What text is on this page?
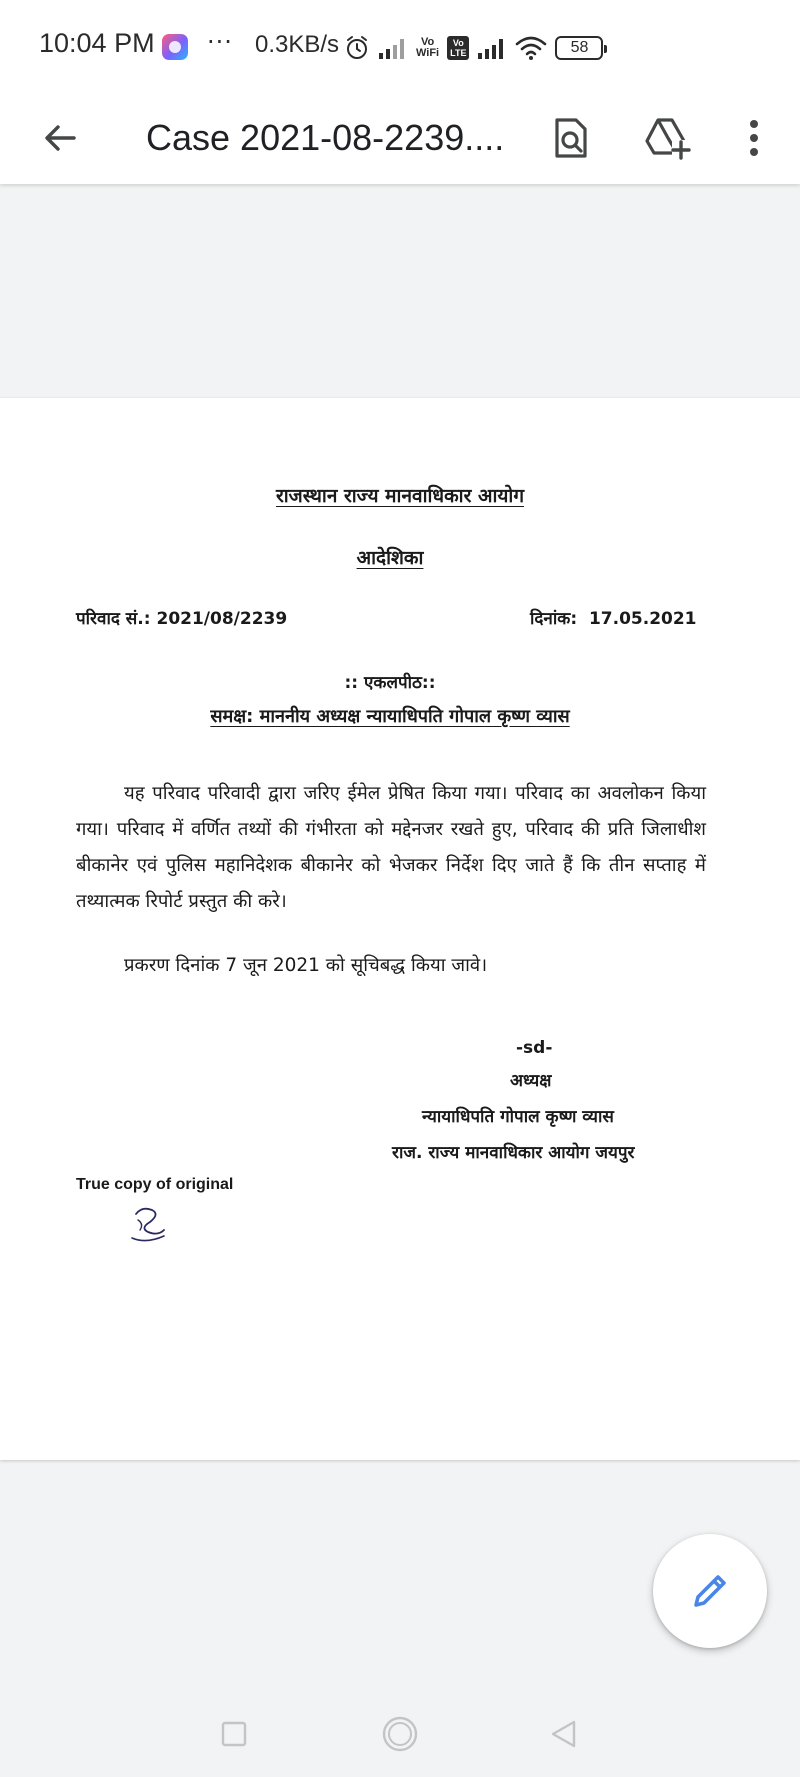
10:04 PM ··· 0.3KB/s	Vo
WiFi
Vo
LTE	58
Case 2021-08-2239....
राजस्थान राज्य मानवाधिकार आयोग
आदेशिका
परिवाद सं.: 2021/08/2239	दिनांक: 17.05.2021
:: एकलपीठ::
समक्ष: माननीय अध्यक्ष न्यायाधिपति गोपाल कृष्ण व्यास
यह परिवाद परिवादी द्वारा जरिए ईमेल प्रेषित किया गया। परिवाद का अवलोकन किया गया। परिवाद में वर्णित तथ्यों की गंभीरता को मद्देनजर रखते हुए, परिवाद की प्रति जिलाधीश बीकानेर एवं पुलिस महानिदेशक बीकानेर को भेजकर निर्देश दिए जाते हैं कि तीन सप्ताह में तथ्यात्मक रिपोर्ट प्रस्तुत की करे।
प्रकरण दिनांक 7 जून 2021 को सूचिबद्ध किया जावे।
-sd-
अध्यक्ष
न्यायाधिपति गोपाल कृष्ण व्यास
राज. राज्य मानवाधिकार आयोग जयपुर
True copy of original
